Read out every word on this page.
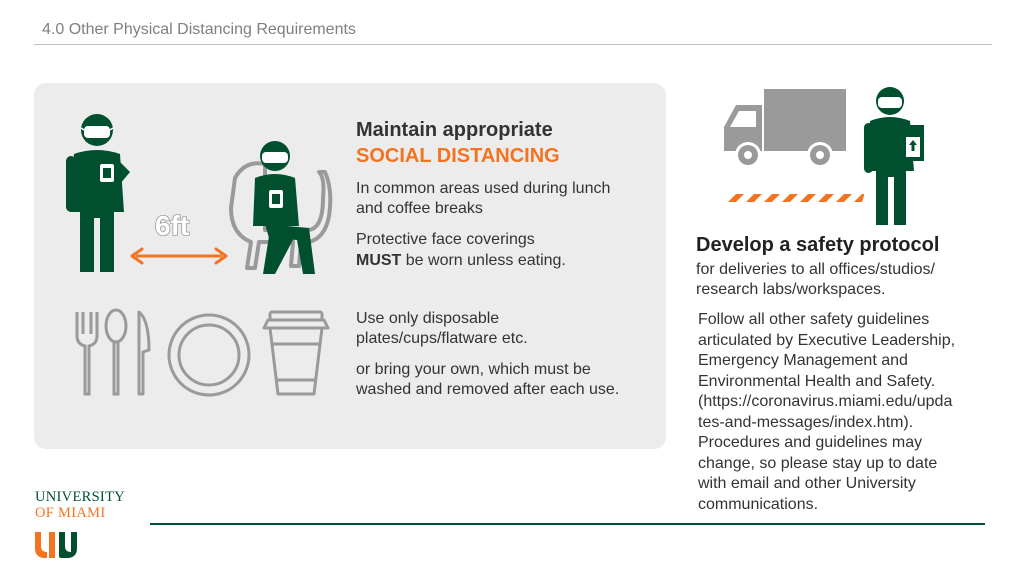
4.0 Other Physical Distancing Requirements
6ft
Maintain appropriate
SOCIAL DISTANCING
In common areas used during lunch
and coffee breaks
Protective face coverings
MUST be worn unless eating.
Use only disposable
plates/cups/flatware etc.
or bring your own, which must be
washed and removed after each use.
Develop a safety protocol
for deliveries to all offices/studios/
research labs/workspaces.
Follow all other safety guidelines
articulated by Executive Leadership,
Emergency Management and
Environmental Health and Safety.
(https://coronavirus.miami.edu/upda
tes-and-messages/index.htm).
Procedures and guidelines may
change, so please stay up to date
with email and other University
communications.
UNIVERSITY
OF MIAMI
